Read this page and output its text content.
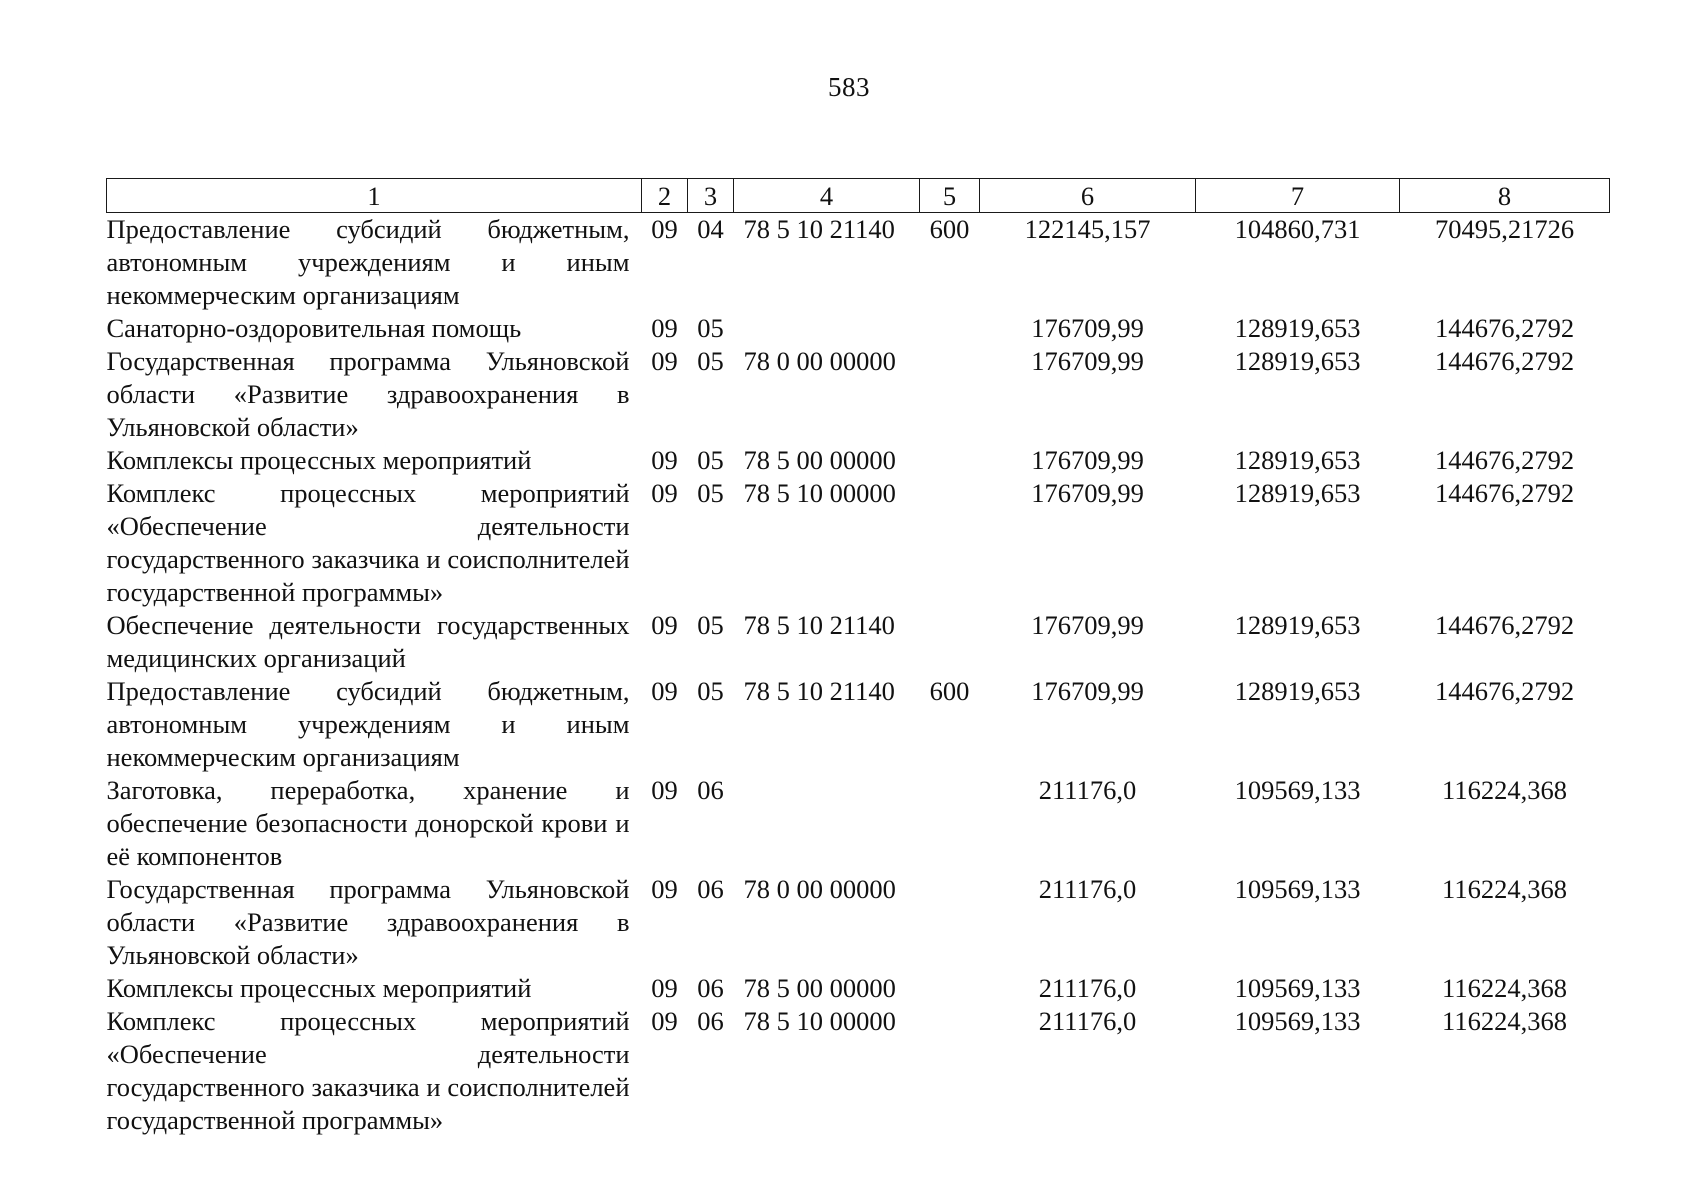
583
1	2	3	4	5	6	7	8
Предоставление субсидий бюджетным, автономным учреждениям и иным некоммерческим организациям	09	04	78 5 10 21140	600	122145,157	104860,731	70495,21726
Санаторно-оздоровительная помощь	09	05			176709,99	128919,653	144676,2792
Государственная программа Ульяновской области «Развитие здравоохранения в Ульяновской области»	09	05	78 0 00 00000		176709,99	128919,653	144676,2792
Комплексы процессных мероприятий	09	05	78 5 00 00000		176709,99	128919,653	144676,2792
Комплекс процессных мероприятий «Обеспечение деятельности государственного заказчика и соисполнителей государственной программы»	09	05	78 5 10 00000		176709,99	128919,653	144676,2792
Обеспечение деятельности государственных медицинских организаций	09	05	78 5 10 21140		176709,99	128919,653	144676,2792
Предоставление субсидий бюджетным, автономным учреждениям и иным некоммерческим организациям	09	05	78 5 10 21140	600	176709,99	128919,653	144676,2792
Заготовка, переработка, хранение и обеспечение безопасности донорской крови и её компонентов	09	06			211176,0	109569,133	116224,368
Государственная программа Ульяновской области «Развитие здравоохранения в Ульяновской области»	09	06	78 0 00 00000		211176,0	109569,133	116224,368
Комплексы процессных мероприятий	09	06	78 5 00 00000		211176,0	109569,133	116224,368
Комплекс процессных мероприятий «Обеспечение деятельности государственного заказчика и соисполнителей государственной программы»	09	06	78 5 10 00000		211176,0	109569,133	116224,368
